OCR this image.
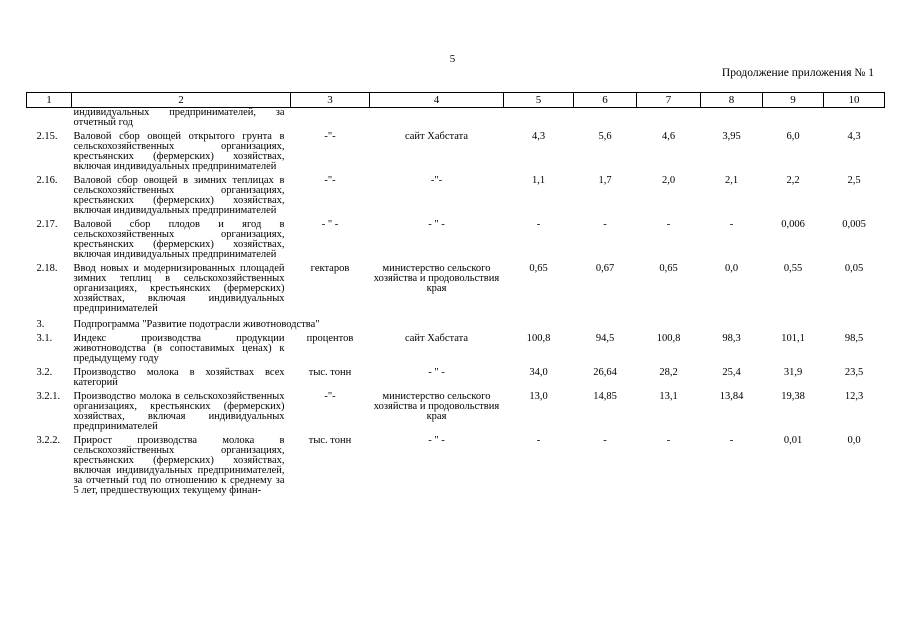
5
Продолжение приложения № 1
1	2	3	4	5	6	7	8	9	10
	индивидуальных предпринимателей, за отчетный год								
2.15.	Валовой сбор овощей открытого грунта в сельскохозяйственных организациях, крестьянских (фермерских) хозяйствах, включая индивидуальных предпринимателей	-"-	сайт Хабстата	4,3	5,6	4,6	3,95	6,0	4,3
2.16.	Валовой сбор овощей в зимних теплицах в сельскохозяйственных организациях, крестьянских (фермерских) хозяйствах, включая индивидуальных предпринимателей	-"-	-"-	1,1	1,7	2,0	2,1	2,2	2,5
2.17.	Валовой сбор плодов и ягод в сельскохозяйственных организациях, крестьянских (фермерских) хозяйствах, включая индивидуальных предпринимателей	- " -	- " -	-	-	-	-	0,006	0,005
2.18.	Ввод новых и модернизированных площадей зимних теплиц в сельскохозяйственных организациях, крестьянских (фермерских) хозяйствах, включая индивидуальных предпринимателей	гектаров	министерство сельского хозяйства и продовольствия края	0,65	0,67	0,65	0,0	0,55	0,05
3.	Подпрограмма "Развитие подотрасли животноводства"								
3.1.	Индекс производства продукции животноводства (в сопоставимых ценах) к предыдущему году	процентов	сайт Хабстата	100,8	94,5	100,8	98,3	101,1	98,5
3.2.	Производство молока в хозяйствах всех категорий	тыс. тонн	- " -	34,0	26,64	28,2	25,4	31,9	23,5
3.2.1.	Производство молока в сельскохозяйственных организациях, крестьянских (фермерских) хозяйствах, включая индивидуальных предпринимателей	-"-	министерство сельского хозяйства и продовольствия края	13,0	14,85	13,1	13,84	19,38	12,3
3.2.2.	Прирост производства молока в сельскохозяйственных организациях, крестьянских (фермерских) хозяйствах, включая индивидуальных предпринимателей, за отчетный год по отношению к среднему за 5 лет, предшествующих текущему финан-	тыс. тонн	- " -	-	-	-	-	0,01	0,0
